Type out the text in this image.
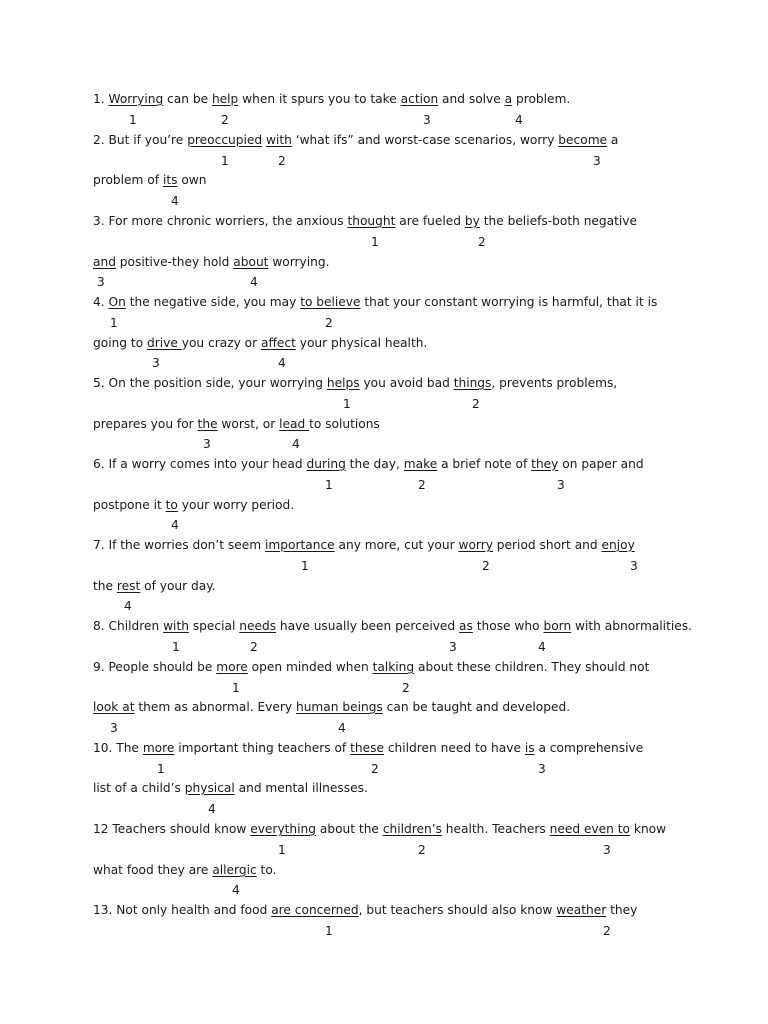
1. Worrying can be help when it spurs you to take action and solve a problem.
1	2	3	4
2. But if you’re preoccupied with ‘what ifs” and worst-case scenarios, worry become a
1	2	3
problem of its own
4
3. For more chronic worriers, the anxious thought are fueled by the beliefs-both negative
1	2
and positive-they hold about worrying.
3	4
4. On the negative side, you may to believe that your constant worrying is harmful, that it is
1	2
going to drive you crazy or affect your physical health.
3	4
5. On the position side, your worrying helps you avoid bad things, prevents problems,
1	2
prepares you for the worst, or lead to solutions
3	4
6. If a worry comes into your head during the day, make a brief note of they on paper and
1	2	3
postpone it to your worry period.
4
7. If the worries don’t seem importance any more, cut your worry period short and enjoy
1	2	3
the rest of your day.
4
8. Children with special needs have usually been perceived as those who born with abnormalities.
1	2	3	4
9. People should be more open minded when talking about these children. They should not
1	2
look at them as abnormal. Every human beings can be taught and developed.
3	4
10. The more important thing teachers of these children need to have is a comprehensive
1	2	3
list of a child’s physical and mental illnesses.
4
12 Teachers should know everything about the children’s health. Teachers need even to know
1	2	3
what food they are allergic to.
4
13. Not only health and food are concerned, but teachers should also know weather they
1	2
